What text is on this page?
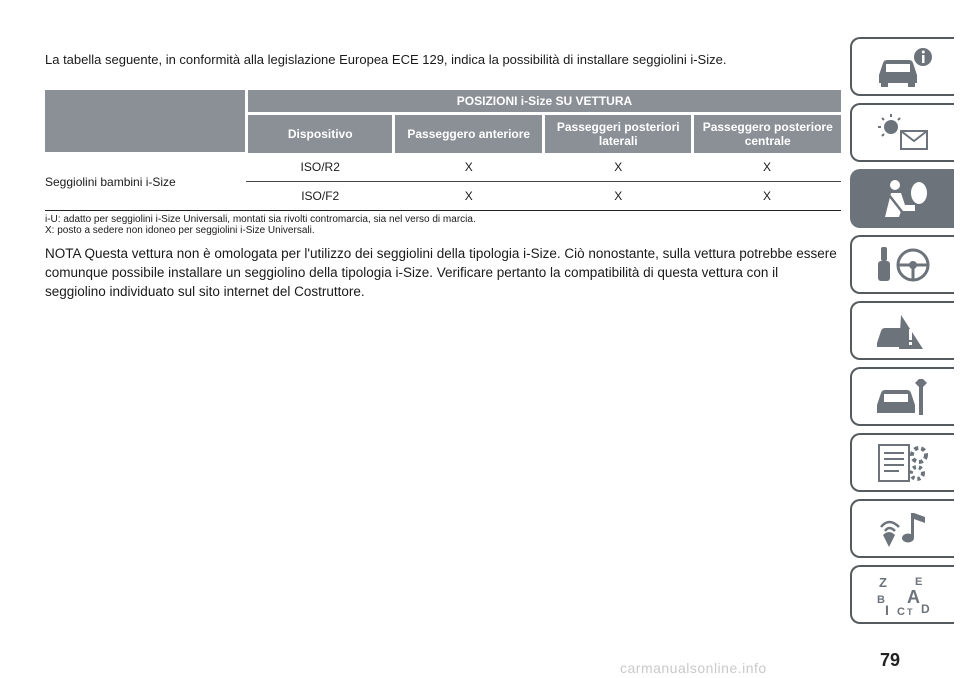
La tabella seguente, in conformità alla legislazione Europea ECE 129, indica la possibilità di installare seggiolini i-Size.

	POSIZIONI i-Size SU VETTURA			
	Dispositivo	Passeggero anteriore	Passeggeri posteriori laterali	Passeggero posteriore centrale
Seggiolini bambini i-Size	ISO/R2	X	X	X
	ISO/F2	X	X	X
i-U: adatto per seggiolini i-Size Universali, montati sia rivolti contromarcia, sia nel verso di marcia.
X: posto a sedere non idoneo per seggiolini i-Size Universali.

NOTA Questa vettura non è omologata per l'utilizzo dei seggiolini della tipologia i-Size. Ciò nonostante, sulla vettura potrebbe essere comunque possibile installare un seggiolino della tipologia i-Size. Verificare pertanto la compatibilità di questa vettura con il seggiolino individuato sul sito internet del Costruttore.

Z	E
B A
I C T D
carmanualsonline.info	79
